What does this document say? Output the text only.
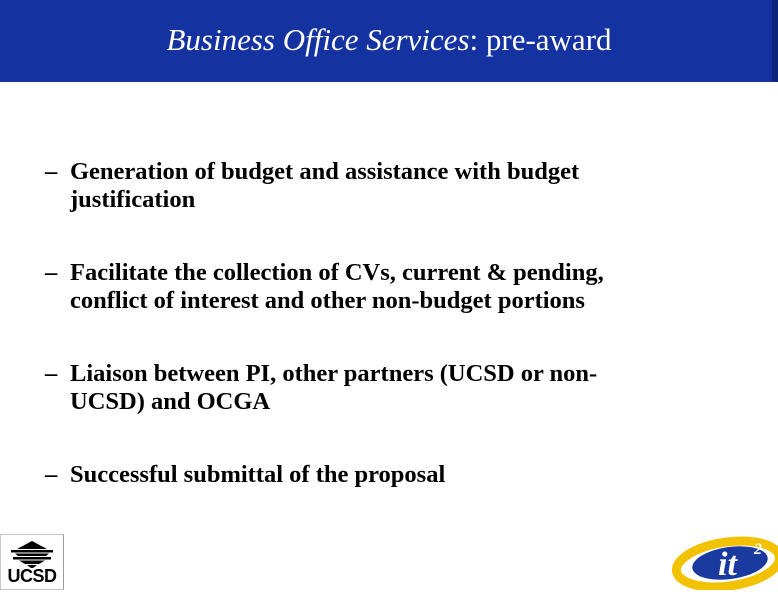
Business Office Services: pre-award
– Generation of budget and assistance with budget
justification
– Facilitate the collection of CVs, current & pending,
conflict of interest and other non-budget portions
– Liaison between PI, other partners (UCSD or non-
UCSD) and OCGA
– Successful submittal of the proposal
UCSD	it 2
